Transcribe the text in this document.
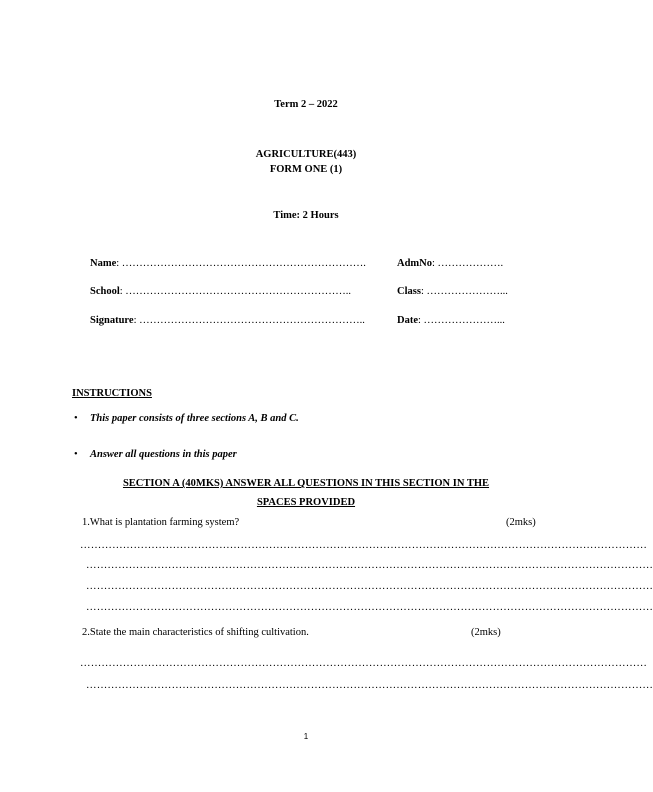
Term 2 – 2022
AGRICULTURE(443)
FORM ONE (1)
Time: 2 Hours
Name: …………………………………………………………….	AdmNo: ……………….
School: ………………………………………………………..	Class: …………………...
Signature: ………………………………………………………..	Date: …………………...
INSTRUCTIONS
• This paper consists of three sections A, B and C.
• Answer all questions in this paper
SECTION A (40MKS) ANSWER ALL QUESTIONS IN THIS SECTION IN THE
SPACES PROVIDED
1.What is plantation farming system?	(2mks)
……………………………………………………………………………………………………………………………………………
……………………………………………………………………………………………………………………………………………
……………………………………………………………………………………………………………………………………………
……………………………………………………………………………………………………………………………………………
2.State the main characteristics of shifting cultivation.	(2mks)
……………………………………………………………………………………………………………………………………………
……………………………………………………………………………………………………………………………………………
1
